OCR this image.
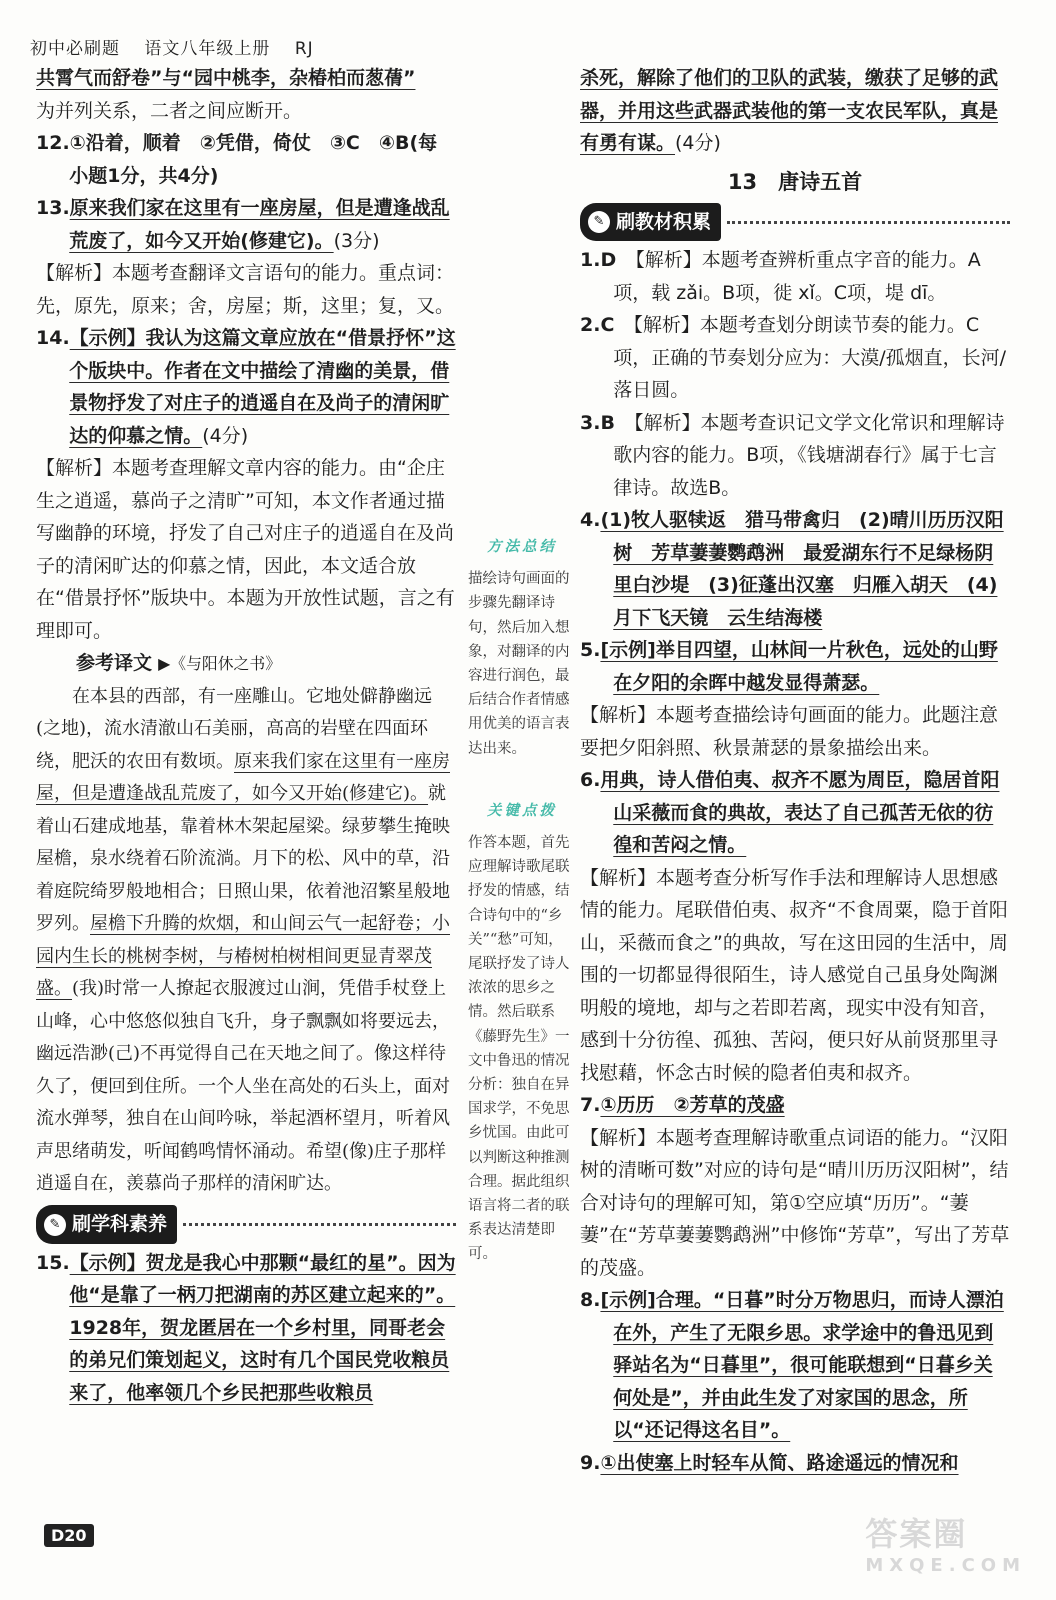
初中必刷题 语文八年级上册 RJ

共霄气而舒卷”与“园中桃李，杂椿柏而葱蒨”

为并列关系，二者之间应断开。

12.①沿着，顺着　②凭借，倚仗　③C　④B(每小题1分，共4分)

13.原来我们家在这里有一座房屋，但是遭逢战乱荒废了，如今又开始(修建它)。(3分)

【解析】本题考查翻译文言语句的能力。重点词：先，原先，原来；舍，房屋；斯，这里；复，又。

14.【示例】我认为这篇文章应放在“借景抒怀”这个版块中。作者在文中描绘了清幽的美景，借景物抒发了对庄子的逍遥自在及尚子的清闲旷达的仰慕之情。(4分)

【解析】本题考查理解文章内容的能力。由“企庄生之逍遥，慕尚子之清旷”可知，本文作者通过描写幽静的环境，抒发了自己对庄子的逍遥自在及尚子的清闲旷达的仰慕之情，因此，本文适合放在“借景抒怀”版块中。本题为开放性试题，言之有理即可。

参考译文 ▶《与阳休之书》

在本县的西部，有一座雕山。它地处僻静幽远(之地)，流水清澈山石美丽，高高的岩壁在四面环绕，肥沃的农田有数顷。原来我们家在这里有一座房屋，但是遭逢战乱荒废了，如今又开始(修建它)。就着山石建成地基，靠着林木架起屋梁。绿萝攀生掩映屋檐，泉水绕着石阶流淌。月下的松、风中的草，沿着庭院绮罗般地相合；日照山果，依着池沼繁星般地罗列。屋檐下升腾的炊烟，和山间云气一起舒卷；小园内生长的桃树李树，与椿树柏树相间更显青翠茂盛。(我)时常一人撩起衣服渡过山涧，凭借手杖登上山峰，心中悠悠似独自飞升，身子飘飘如将要远去，幽远浩渺(己)不再觉得自己在天地之间了。像这样待久了，便回到住所。一个人坐在高处的石头上，面对流水弹琴，独自在山间吟咏，举起酒杯望月，听着风声思绪萌发，听闻鹤鸣情怀涌动。希望(像)庄子那样逍遥自在，羡慕尚子那样的清闲旷达。

✎ 刷学科素养

15.【示例】贺龙是我心中那颗“最红的星”。因为他“是靠了一柄刀把湖南的苏区建立起来的”。1928年，贺龙匿居在一个乡村里，同哥老会的弟兄们策划起义，这时有几个国民党收粮员来了，他率领几个乡民把那些收粮员

方法总结

描绘诗句画面的步骤先翻译诗句，然后加入想象，对翻译的内容进行润色，最后结合作者情感用优美的语言表达出来。

关键点拨

作答本题，首先应理解诗歌尾联抒发的情感，结合诗句中的“乡关”“愁”可知，尾联抒发了诗人浓浓的思乡之情。然后联系《藤野先生》一文中鲁迅的情况分析：独自在异国求学，不免思乡忧国。由此可以判断这种推测合理。据此组织语言将二者的联系表达清楚即可。

杀死，解除了他们的卫队的武装，缴获了足够的武器，并用这些武器武装他的第一支农民军队，真是有勇有谋。(4分)

13　唐诗五首

✎ 刷教材积累

1.D　 【解析】本题考查辨析重点字音的能力。A项，载 zǎi。B项，徙 xǐ。C项，堤 dī。

2.C　 【解析】本题考查划分朗读节奏的能力。C项，正确的节奏划分应为：大漠/孤烟直，长河/落日圆。

3.B　 【解析】本题考查识记文学文化常识和理解诗歌内容的能力。B项，《钱塘湖春行》属于七言律诗。故选B。

4.(1)牧人驱犊返　猎马带禽归　(2)晴川历历汉阳树　芳草萋萋鹦鹉洲　最爱湖东行不足绿杨阴里白沙堤　(3)征蓬出汉塞　归雁入胡天　(4)月下飞天镜　云生结海楼

5.[示例]举目四望，山林间一片秋色，远处的山野在夕阳的余晖中越发显得萧瑟。

【解析】本题考查描绘诗句画面的能力。此题注意要把夕阳斜照、秋景萧瑟的景象描绘出来。

6.用典，诗人借伯夷、叔齐不愿为周臣，隐居首阳山采薇而食的典故，表达了自己孤苦无依的彷徨和苦闷之情。

【解析】本题考查分析写作手法和理解诗人思想感情的能力。尾联借伯夷、叔齐“不食周粟，隐于首阳山，采薇而食之”的典故，写在这田园的生活中，周围的一切都显得很陌生，诗人感觉自己虽身处陶渊明般的境地，却与之若即若离，现实中没有知音，感到十分彷徨、孤独、苦闷，便只好从前贤那里寻找慰藉，怀念古时候的隐者伯夷和叔齐。

7.①历历　②芳草的茂盛

【解析】本题考查理解诗歌重点词语的能力。“汉阳树的清晰可数”对应的诗句是“晴川历历汉阳树”，结合对诗句的理解可知，第①空应填“历历”。“萋萋”在“芳草萋萋鹦鹉洲”中修饰“芳草”，写出了芳草的茂盛。

8.[示例]合理。“日暮”时分万物思归，而诗人漂泊在外，产生了无限乡思。求学途中的鲁迅见到驿站名为“日暮里”，很可能联想到“日暮乡关何处是”，并由此生发了对家国的思念，所以“还记得这名目”。

9.①出使塞上时轻车从简、路途遥远的情况和

D20	答案圈
MXQE.COM
